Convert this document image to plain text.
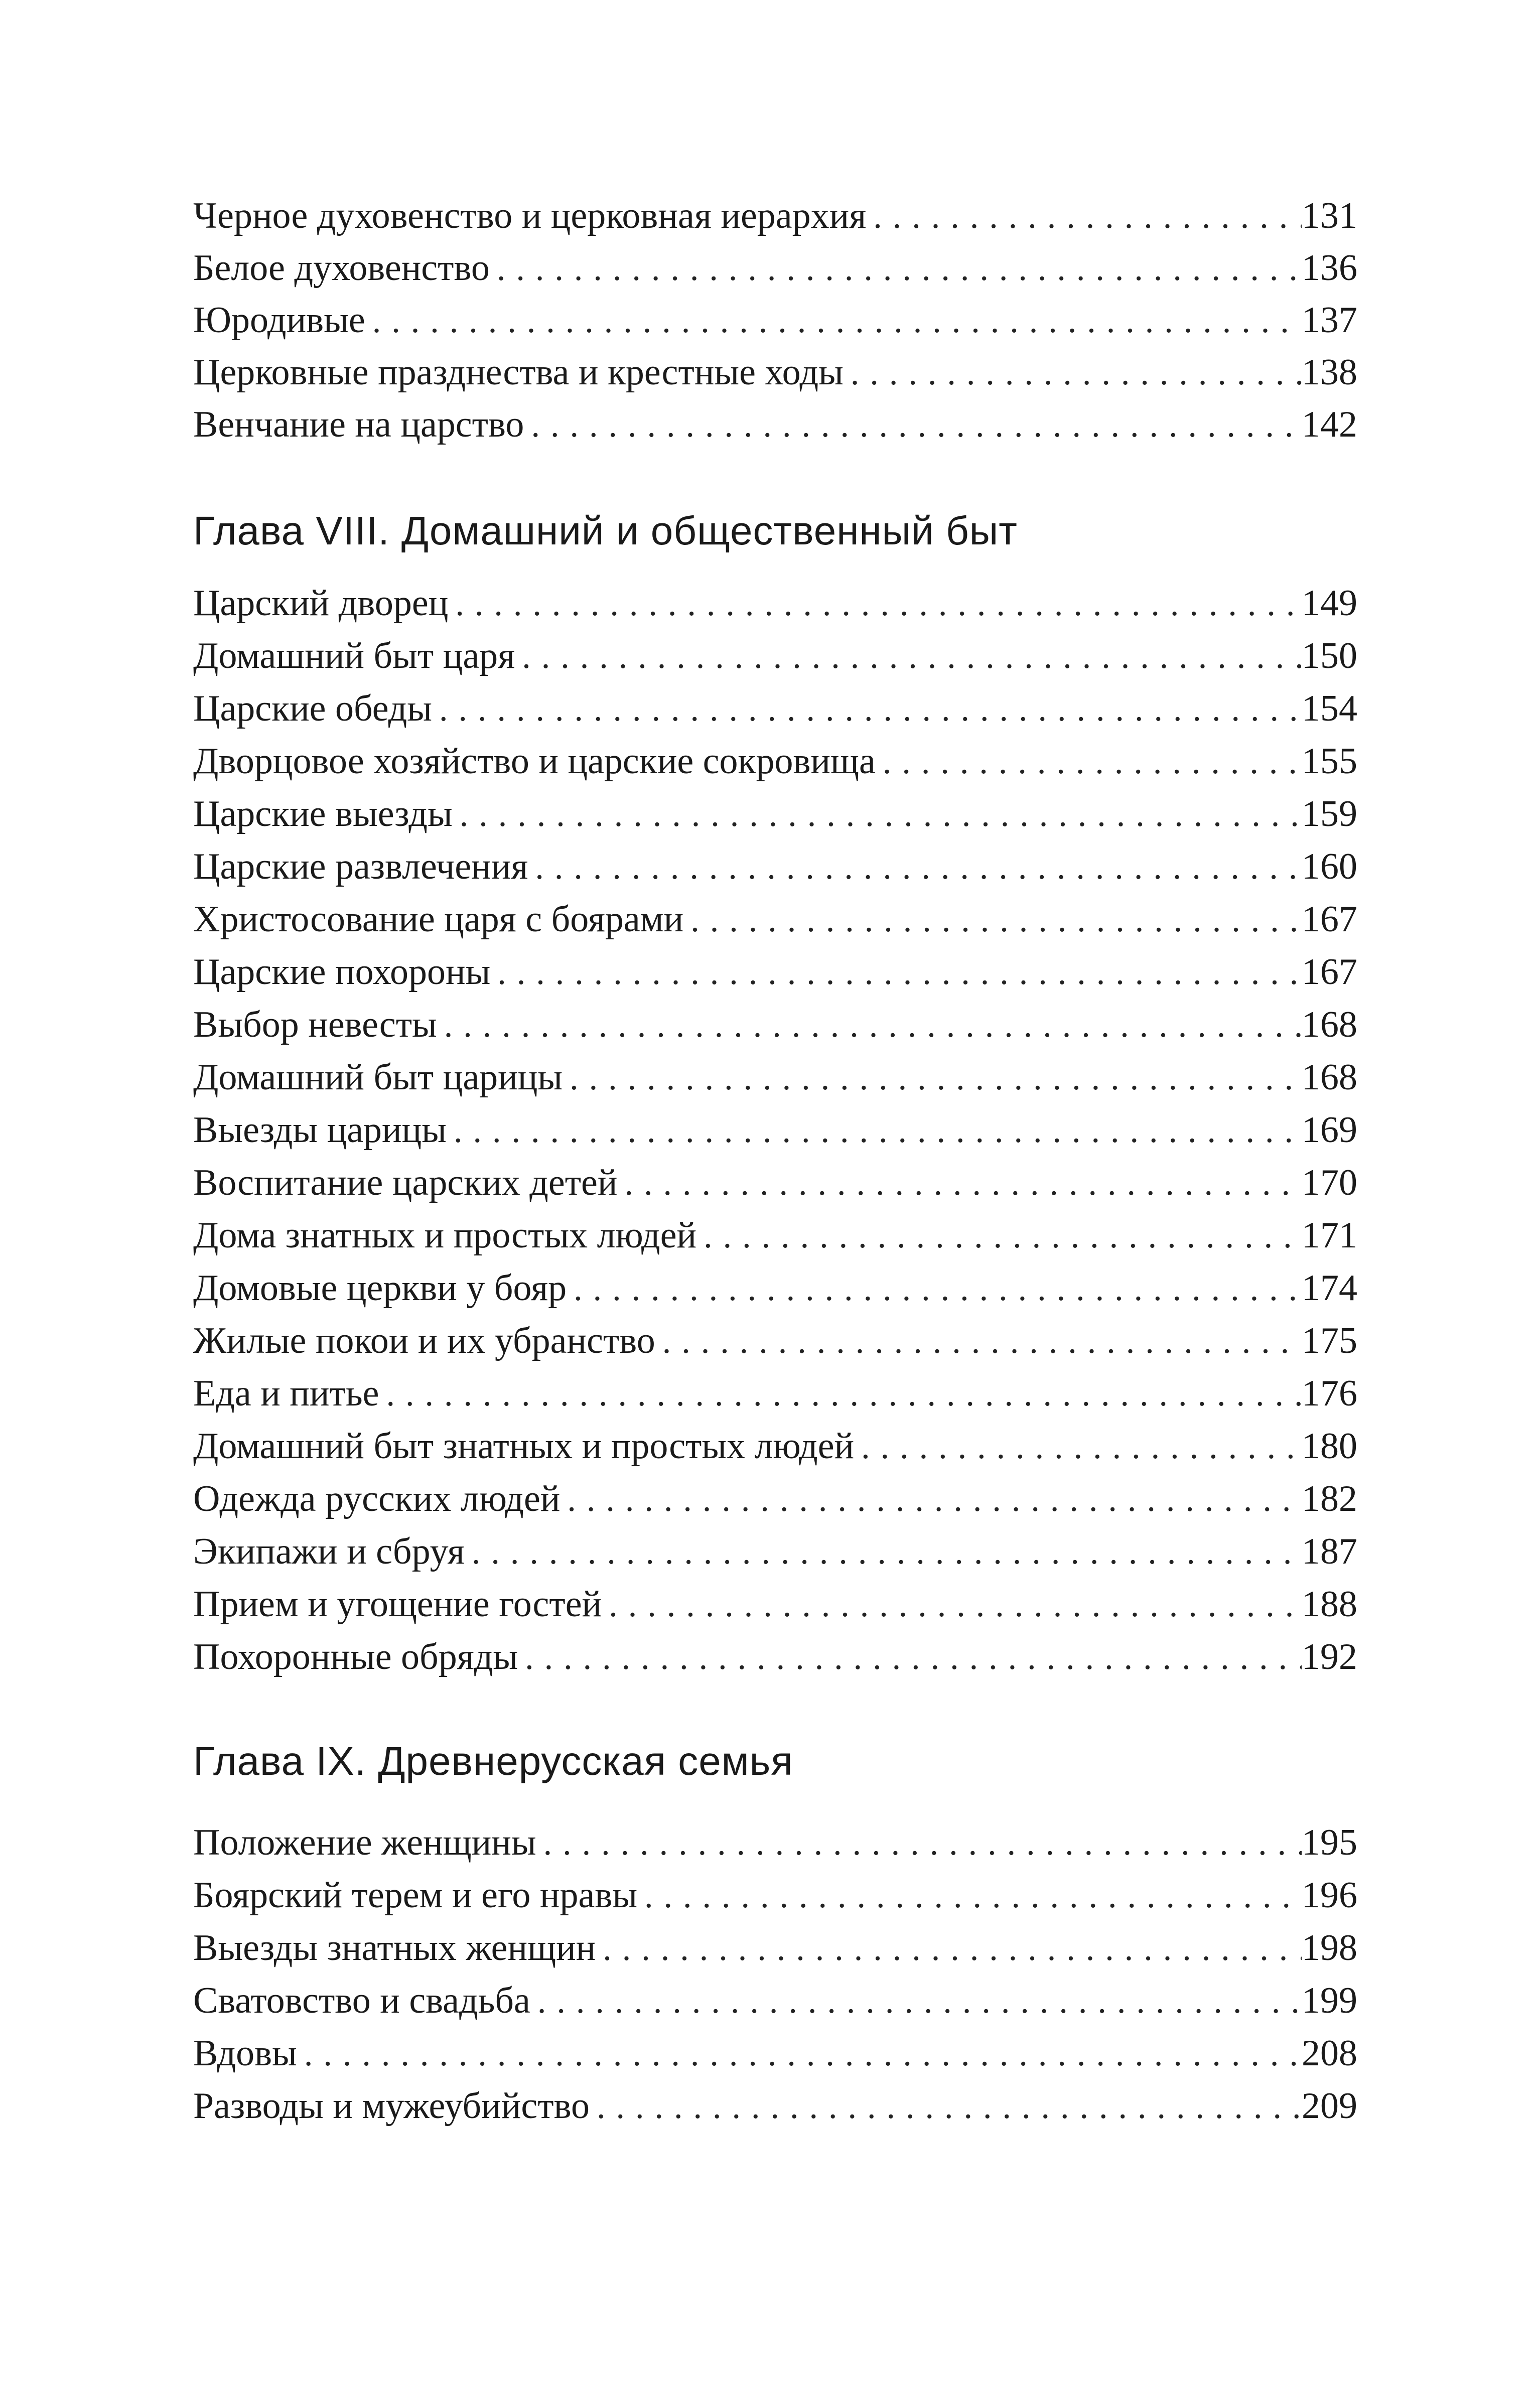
Черное духовенство и церковная иерархия .....	131
Белое духовенство .....	136
Юродивые .....	137
Церковные празднества и крестные ходы .....	138
Венчание на царство .....	142
Глава VIII. Домашний и общественный быт
Царский дворец .....	149
Домашний быт царя .....	150
Царские обеды .....	154
Дворцовое хозяйство и царские сокровища .....	155
Царские выезды .....	159
Царские развлечения .....	160
Христосование царя с боярами .....	167
Царские похороны .....	167
Выбор невесты .....	168
Домашний быт царицы .....	168
Выезды царицы .....	169
Воспитание царских детей .....	170
Дома знатных и простых людей .....	171
Домовые церкви у бояр .....	174
Жилые покои и их убранство .....	175
Еда и питье .....	176
Домашний быт знатных и простых людей .....	180
Одежда русских людей .....	182
Экипажи и сбруя .....	187
Прием и угощение гостей .....	188
Похоронные обряды .....	192
Глава IX. Древнерусская семья
Положение женщины .....	195
Боярский терем и его нравы .....	196
Выезды знатных женщин .....	198
Сватовство и свадьба .....	199
Вдовы .....	208
Разводы и мужеубийство .....	209
